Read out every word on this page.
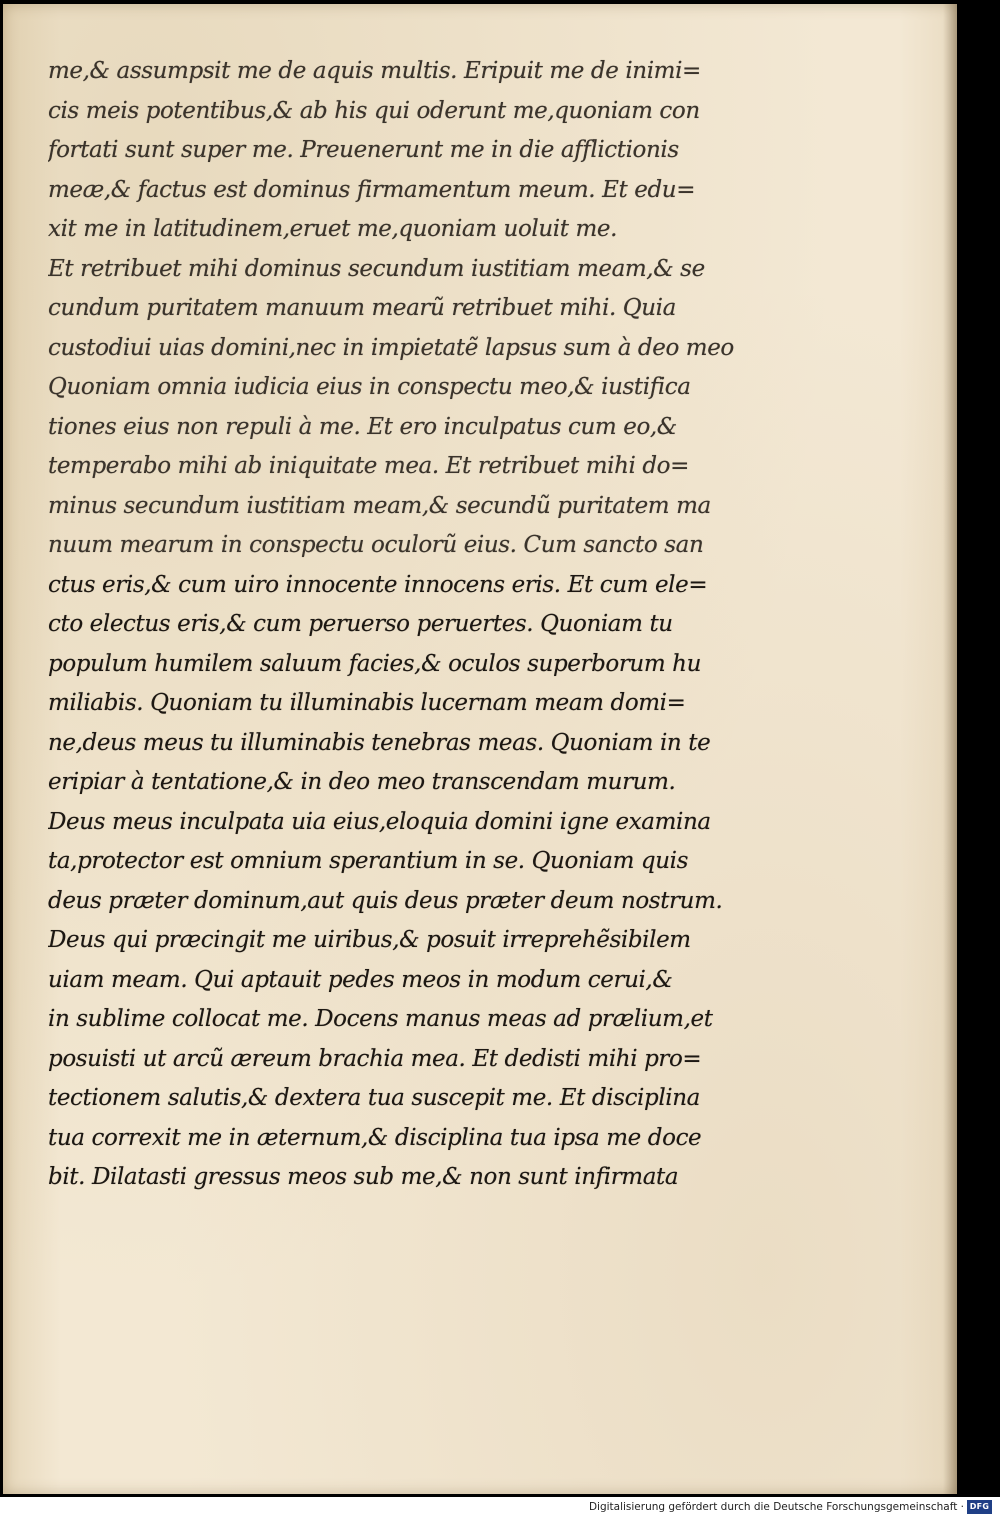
me,& assumpsit me de aquis multis. Eripuit me de inimi=
cis meis potentibus,& ab his qui oderunt me,quoniam con
fortati sunt super me. Preuenerunt me in die afflictionis
meæ,& factus est dominus firmamentum meum. Et edu=
xit me in latitudinem,eruet me,quoniam uoluit me.
Et retribuet mihi dominus secundum iustitiam meam,& se
cundum puritatem manuum mearũ retribuet mihi. Quia
custodiui uias domini,nec in impietatẽ lapsus sum à deo meo
Quoniam omnia iudicia eius in conspectu meo,& iustifica
tiones eius non repuli à me. Et ero inculpatus cum eo,&
temperabo mihi ab iniquitate mea. Et retribuet mihi do=
minus secundum iustitiam meam,& secundũ puritatem ma
nuum mearum in conspectu oculorũ eius. Cum sancto san
ctus eris,& cum uiro innocente innocens eris. Et cum ele=
cto electus eris,& cum peruerso peruertes. Quoniam tu
populum humilem saluum facies,& oculos superborum hu
miliabis. Quoniam tu illuminabis lucernam meam domi=
ne,deus meus tu illuminabis tenebras meas. Quoniam in te
eripiar à tentatione,& in deo meo transcendam murum.
Deus meus inculpata uia eius,eloquia domini igne examina
ta,protector est omnium sperantium in se. Quoniam quis
deus præter dominum,aut quis deus præter deum nostrum.
Deus qui præcingit me uiribus,& posuit irreprehẽsibilem
uiam meam. Qui aptauit pedes meos in modum cerui,&
in sublime collocat me. Docens manus meas ad prælium,et
posuisti ut arcũ æreum brachia mea. Et dedisti mihi pro=
tectionem salutis,& dextera tua suscepit me. Et disciplina
tua correxit me in æternum,& disciplina tua ipsa me doce
bit. Dilatasti gressus meos sub me,& non sunt infirmata
Digitalisierung gefördert durch die Deutsche Forschungsgemeinschaft · DFG
